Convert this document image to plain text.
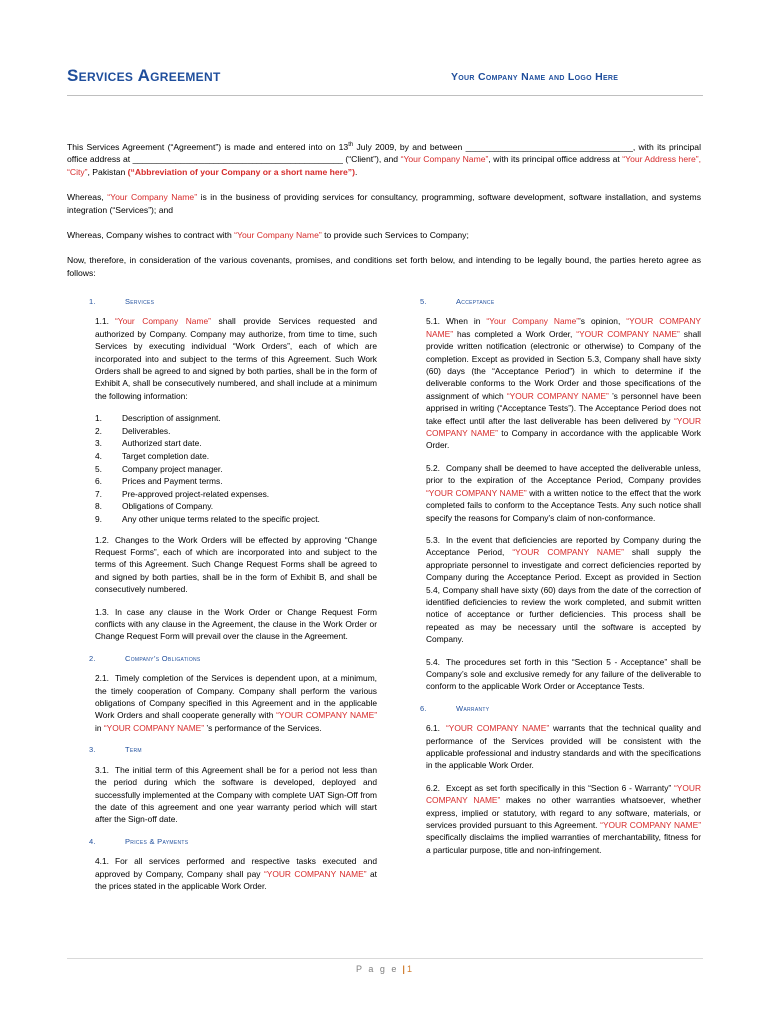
Services Agreement	Your Company Name and Logo Here
This Services Agreement (“Agreement”) is made and entered into on 13th July 2009, by and between ___________________________________, with its principal office address at ____________________________________________ (“Client”), and “Your Company Name”, with its principal office address at “Your Address here”, “City”, Pakistan (“Abbreviation of your Company or a short name here”).
Whereas, “Your Company Name” is in the business of providing services for consultancy, programming, software development, software installation, and systems integration (“Services”); and
Whereas, Company wishes to contract with “Your Company Name” to provide such Services to Company;
Now, therefore, in consideration of the various covenants, promises, and conditions set forth below, and intending to be legally bound, the parties hereto agree as follows:
1.	Services
1.1. “Your Company Name” shall provide Services requested and authorized by Company. Company may authorize, from time to time, such Services by executing individual “Work Orders”, each of which are incorporated into and subject to the terms of this Agreement. Such Work Orders shall be agreed to and signed by both parties, shall be in the form of Exhibit A, shall be consecutively numbered, and shall include at a minimum the following information:
1.	Description of assignment.
2.	Deliverables.
3.	Authorized start date.
4.	Target completion date.
5.	Company project manager.
6.	Prices and Payment terms.
7.	Pre-approved project-related expenses.
8.	Obligations of Company.
9.	Any other unique terms related to the specific project.
1.2. Changes to the Work Orders will be effected by approving “Change Request Forms”, each of which are incorporated into and subject to the terms of this Agreement. Such Change Request Forms shall be agreed to and signed by both parties, shall be in the form of Exhibit B, and shall be consecutively numbered.
1.3. In case any clause in the Work Order or Change Request Form conflicts with any clause in the Agreement, the clause in the Work Order or Change Request Form will prevail over the clause in the Agreement.
2.	Company’s Obligations
2.1. Timely completion of the Services is dependent upon, at a minimum, the timely cooperation of Company. Company shall perform the various obligations of Company specified in this Agreement and in the applicable Work Orders and shall cooperate generally with “YOUR COMPANY NAME” in “YOUR COMPANY NAME” ’s performance of the Services.
3.	Term
3.1. The initial term of this Agreement shall be for a period not less than the period during which the software is developed, deployed and successfully implemented at the Company with complete UAT Sign-Off from the date of this agreement and one year warranty period which will start after the Sign-off date.
4.	Prices & Payments
4.1. For all services performed and respective tasks executed and approved by Company, Company shall pay “YOUR COMPANY NAME” at the prices stated in the applicable Work Order.
5.	Acceptance
5.1. When in “Your Company Name”’s opinion, “YOUR COMPANY NAME” has completed a Work Order, “YOUR COMPANY NAME” shall provide written notification (electronic or otherwise) to Company of the completion. Except as provided in Section 5.3, Company shall have sixty (60) days (the “Acceptance Period”) in which to determine if the deliverable conforms to the Work Order and those specifications of the assignment of which “YOUR COMPANY NAME” ’s personnel have been apprised in writing (“Acceptance Tests”). The Acceptance Period does not take effect until after the last deliverable has been delivered by “YOUR COMPANY NAME” to Company in accordance with the applicable Work Order.
5.2. Company shall be deemed to have accepted the deliverable unless, prior to the expiration of the Acceptance Period, Company provides “YOUR COMPANY NAME” with a written notice to the effect that the work completed fails to conform to the Acceptance Tests. Any such notice shall specify the reasons for Company’s claim of non-conformance.
5.3. In the event that deficiencies are reported by Company during the Acceptance Period, “YOUR COMPANY NAME” shall supply the appropriate personnel to investigate and correct deficiencies reported by Company during the Acceptance Period. Except as provided in Section 5.4, Company shall have sixty (60) days from the date of the correction of identified deficiencies to review the work completed, and submit written notice of acceptance or further deficiencies. This process shall be repeated as may be necessary until the software is accepted by Company.
5.4. The procedures set forth in this “Section 5 - Acceptance” shall be Company’s sole and exclusive remedy for any failure of the deliverable to conform to the applicable Work Order or Acceptance Tests.
6.	Warranty
6.1. “YOUR COMPANY NAME” warrants that the technical quality and performance of the Services provided will be consistent with the applicable professional and industry standards and with the specifications in the applicable Work Order.
6.2. Except as set forth specifically in this “Section 6 - Warranty” “YOUR COMPANY NAME” makes no other warranties whatsoever, whether express, implied or statutory, with regard to any software, materials, or services provided pursuant to this Agreement. “YOUR COMPANY NAME” specifically disclaims the implied warranties of merchantability, fitness for a particular purpose, title and non-infringement.
P a g e | 1
